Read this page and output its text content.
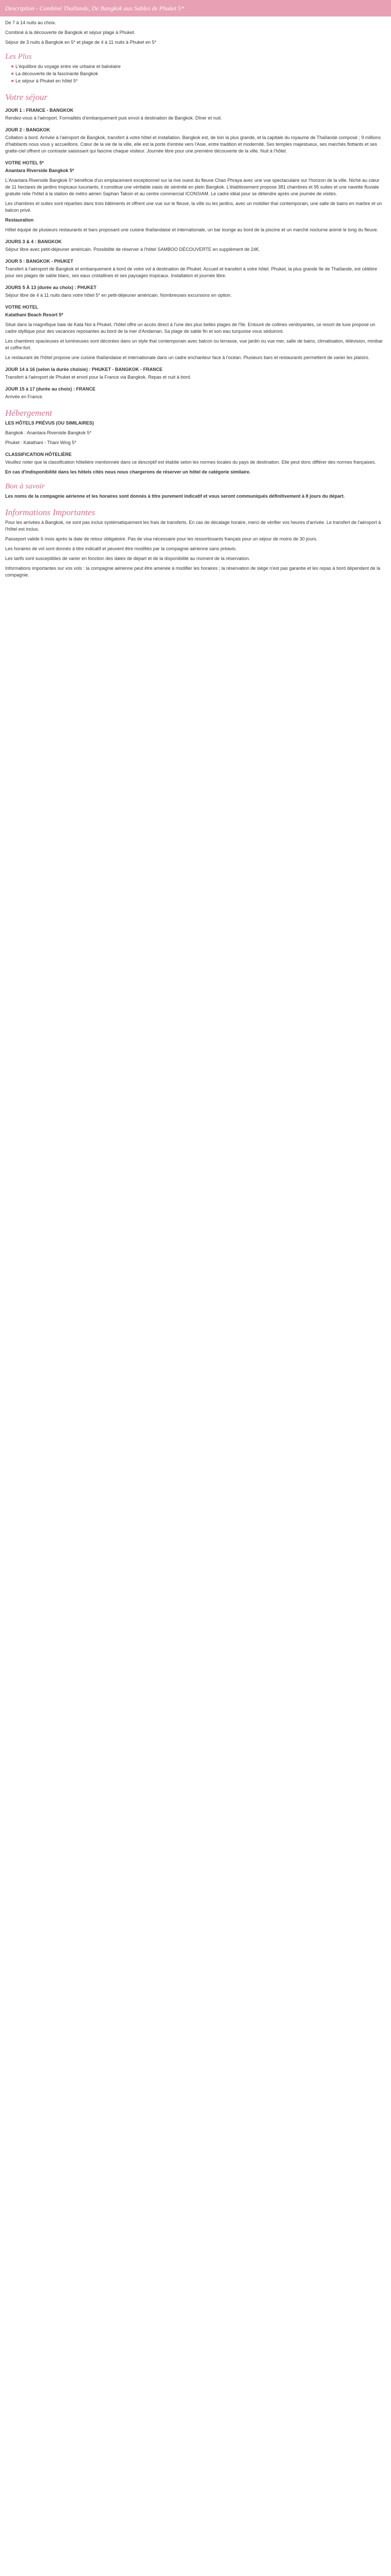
Description - Combiné Thaïlande, De Bangkok aux Sables de Phuket 5*

De 7 à 14 nuits au choix.

Combiné à la découverte de Bangkok et séjour plage à Phuket.

Séjour de 3 nuits à Bangkok en 5* et plage de 4 à 11 nuits à Phuket en 5*

Les Plus
L'équilibre du voyage entre vie urbaine et balnéaire
La découverte de la fascinante Bangkok
Le séjour à Phuket en hôtel 5*
Votre séjour

JOUR 1 : FRANCE - BANGKOK

Rendez-vous à l'aéroport. Formalités d'embarquement puis envol à destination de Bangkok. Dîner et nuit.

JOUR 2 : BANGKOK

Collation à bord. Arrivée à l'aéroport de Bangkok, transfert à votre hôtel et installation. Bangkok est, de loin la plus grande, et la capitale du royaume de Thaïlande composé ; 9 millions d'habitants nous vous y accueillons. Cœur de la vie de la ville, elle est la porte d'entrée vers l'Asie, entre tradition et modernité. Ses temples majestueux, ses marchés flottants et ses gratte-ciel offrent un contraste saisissant qui fascine chaque visiteur. Journée libre pour une première découverte de la ville. Nuit à l'hôtel.

VOTRE HOTEL 5*

Anantara Riverside Bangkok 5*

L'Anantara Riverside Bangkok 5* bénéficie d'un emplacement exceptionnel sur la rive ouest du fleuve Chao Phraya avec une vue spectaculaire sur l'horizon de la ville. Niché au cœur de 11 hectares de jardins tropicaux luxuriants, il constitue une véritable oasis de sérénité en plein Bangkok. L'établissement propose 381 chambres et 95 suites et une navette fluviale gratuite relie l'hôtel à la station de métro aérien Saphan Taksin et au centre commercial ICONSIAM. Le cadre idéal pour se détendre après une journée de visites.

Les chambres et suites sont réparties dans trois bâtiments et offrent une vue sur le fleuve, la ville ou les jardins, avec un mobilier thaï contemporain, une salle de bains en marbre et un balcon privé.

Restauration

Hôtel équipé de plusieurs restaurants et bars proposant une cuisine thaïlandaise et internationale, un bar lounge au bord de la piscine et un marché nocturne animé le long du fleuve.

JOURS 3 & 4 : BANGKOK

Séjour libre avec petit-déjeuner américain. Possibilité de réserver à l'hôtel SAMBOO DÉCOUVERTE en supplément de 24€.

JOUR 5 : BANGKOK - PHUKET

Transfert à l'aéroport de Bangkok et embarquement à bord de votre vol à destination de Phuket. Accueil et transfert à votre hôtel. Phuket, la plus grande île de Thaïlande, est célèbre pour ses plages de sable blanc, ses eaux cristallines et ses paysages tropicaux. Installation et journée libre.

JOURS 5 À 13 (durée au choix) : PHUKET

Séjour libre de 4 à 11 nuits dans votre hôtel 5* en petit-déjeuner américain. Nombreuses excursions en option.

VOTRE HOTEL

Katathani Beach Resort 5*

Situé dans la magnifique baie de Kata Noi à Phuket, l'hôtel offre un accès direct à l'une des plus belles plages de l'île. Entouré de collines verdoyantes, ce resort de luxe propose un cadre idyllique pour des vacances reposantes au bord de la mer d'Andaman. Sa plage de sable fin et son eau turquoise vous séduiront.

Les chambres spacieuses et lumineuses sont décorées dans un style thaï contemporain avec balcon ou terrasse, vue jardin ou vue mer, salle de bains, climatisation, télévision, minibar et coffre-fort.

Le restaurant de l'hôtel propose une cuisine thaïlandaise et internationale dans un cadre enchanteur face à l'océan. Plusieurs bars et restaurants permettent de varier les plaisirs.

JOUR 14 à 16 (selon la durée choisie) : PHUKET - BANGKOK - FRANCE

Transfert à l'aéroport de Phuket et envol pour la France via Bangkok. Repas et nuit à bord.

JOUR 15 à 17 (durée au choix) : FRANCE

Arrivée en France.

Hébergement

LES HÔTELS PRÉVUS (OU SIMILAIRES)

Bangkok : Anantara Riverside Bangkok 5*

Phuket : Katathani - Thani Wing 5*

CLASSIFICATION HÔTELIÈRE

Veuillez noter que la classification hôtelière mentionnée dans ce descriptif est établie selon les normes locales du pays de destination. Elle peut donc différer des normes françaises.

En cas d'indisponibilité dans les hôtels cités nous nous chargerons de réserver un hôtel de catégorie similaire.

Bon à savoir

Les noms de la compagnie aérienne et les horaires sont donnés à titre purement indicatif et vous seront communiqués définitivement à 8 jours du départ.

Informations Importantes

Pour les arrivées à Bangkok, ne sont pas inclus systématiquement les frais de transferts. En cas de décalage horaire, merci de vérifier vos heures d'arrivée. Le transfert de l'aéroport à l'hôtel est inclus.

Passeport valide 6 mois après la date de retour obligatoire. Pas de visa nécessaire pour les ressortissants français pour un séjour de moins de 30 jours.

Les horaires de vol sont donnés à titre indicatif et peuvent être modifiés par la compagnie aérienne sans préavis.

Les tarifs sont susceptibles de varier en fonction des dates de départ et de la disponibilité au moment de la réservation.

Informations importantes sur vos vols : la compagnie aérienne peut être amenée à modifier les horaires ; la réservation de siège n'est pas garantie et les repas à bord dépendent de la compagnie.
